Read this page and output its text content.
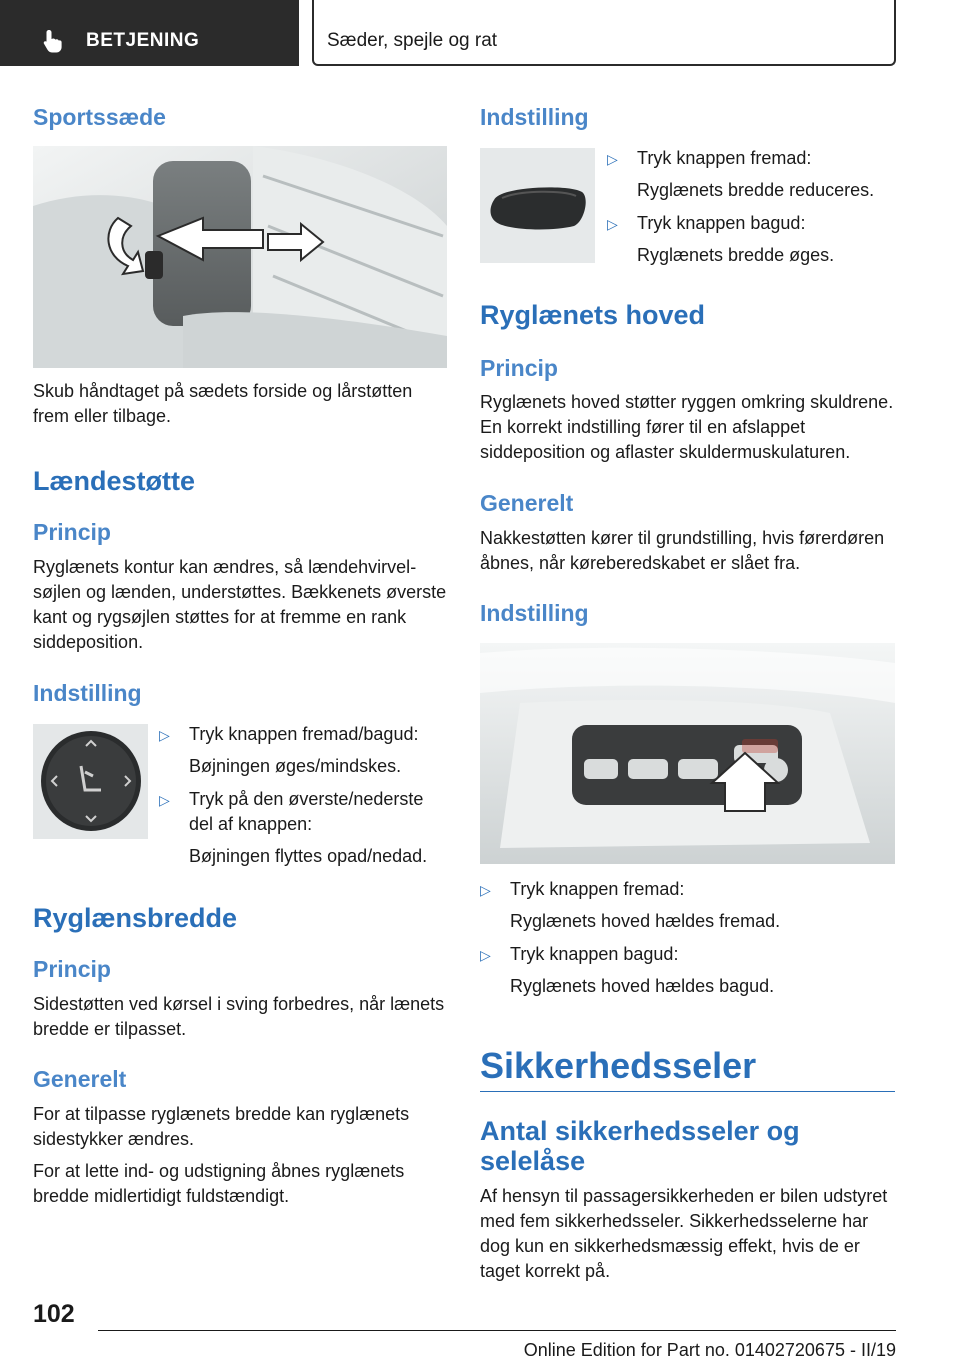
BETJENING	Sæder, spejle og rat
Sportssæde

Skub håndtaget på sædets forside og lårstøtten frem eller tilbage.

Lændestøtte
Princip

Ryglænets kontur kan ændres, så lændehvirvelsøjlen og lænden, understøttes. Bækkenets øverste kant og rygsøjlen støttes for at fremme en rank siddeposition.

Indstilling
▷ Tryk knappen fremad/bagud:
Bøjningen øges/mindskes.
▷ Tryk på den øverste/nederste del af knappen:
Bøjningen flyttes opad/nedad.
Ryglænsbredde
Princip

Sidestøtten ved kørsel i sving forbedres, når lænets bredde er tilpasset.

Generelt

For at tilpasse ryglænets bredde kan ryglænets sidestykker ændres.

For at lette ind- og udstigning åbnes ryglænets bredde midlertidigt fuldstændigt.

Indstilling
▷ Tryk knappen fremad:
Ryglænets bredde reduceres.
▷ Tryk knappen bagud:
Ryglænets bredde øges.
Ryglænets hoved
Princip

Ryglænets hoved støtter ryggen omkring skuldrene. En korrekt indstilling fører til en afslappet siddeposition og aflaster skuldermuskulaturen.

Generelt

Nakkestøtten kører til grundstilling, hvis førerdøren åbnes, når køreberedskabet er slået fra.

Indstilling
▷ Tryk knappen fremad:
Ryglænets hoved hældes fremad.
▷ Tryk knappen bagud:
Ryglænets hoved hældes bagud.
Sikkerhedsseler
Antal sikkerhedsseler og selelåse

Af hensyn til passagersikkerheden er bilen udstyret med fem sikkerhedsseler. Sikkerhedsselerne har dog kun en sikkerhedsmæssig effekt, hvis de er taget korrekt på.

102
Online Edition for Part no. 01402720675 - II/19
